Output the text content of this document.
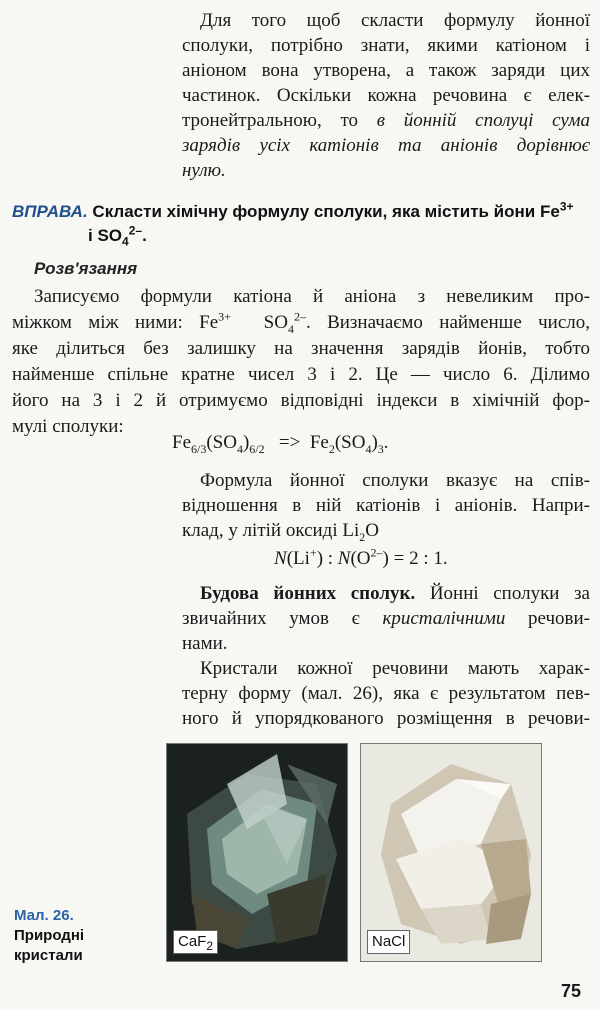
Для того щоб скласти формулу йонної
сполуки, потрібно знати, якими катіоном і
аніоном вона утворена, а також заряди цих
частинок. Оскільки кожна речовина є елек-
тронейтральною, то в йонній сполуці сума
зарядів усіх катіонів та аніонів дорівнює
нулю.
ВПРАВА. Скласти хімічну формулу сполуки, яка містить йони $Fe^{3+}$
і $SO_4^{2-}$.
Розв'язання
Записуємо формули катіона й аніона з невеликим про-
міжком між ними: $Fe^{3+}$ $SO_4^{2-}$. Визначаємо найменше число,
яке ділиться без залишку на значення зарядів йонів, тобто
найменше спільне кратне чисел 3 і 2. Це — число 6. Ділимо
його на 3 і 2 й отримуємо відповідні індекси в хімічній фор-
мулі сполуки:
$Fe_{6/3}(SO_4)_{6/2} => Fe_2(SO_4)_3$.
Формула йонної сполуки вказує на спів-
відношення в ній катіонів і аніонів. Напри-
клад, у літій оксиді $Li_2O$
N(Li+) : $N(O^{2-}) = 2$ : 1.
Будова йонних сполук. Йонні сполуки за
звичайних умов є кристалічними речови-
нами.
Кристали кожної речовини мають харак-
терну форму (мал. 26), яка є результатом пев-
ного й упорядкованого розміщення в речови-
CaF$_2$	NaCl
Мал. 26.
Природні
кристали
75
